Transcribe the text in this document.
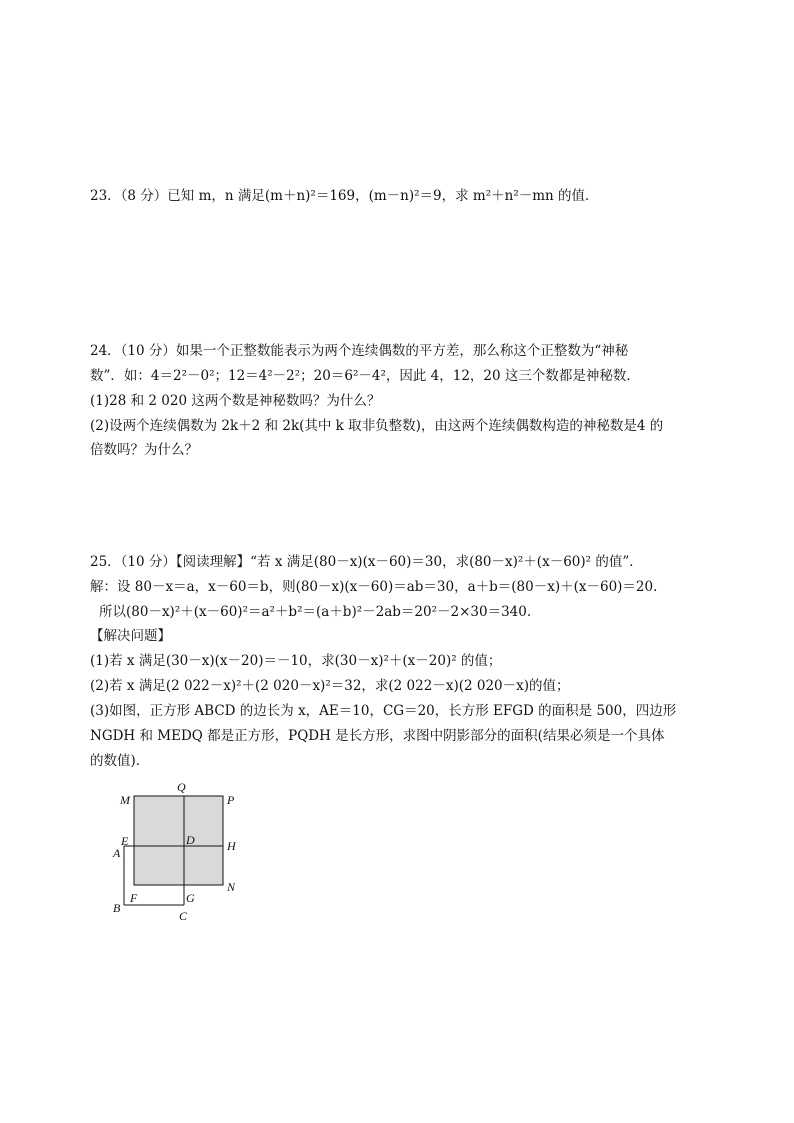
23．（8 分）已知 m，n 满足(m＋n)²＝169，(m－n)²＝9，求 m²＋n²－mn 的值．
24．（10 分）如果一个正整数能表示为两个连续偶数的平方差，那么称这个正整数为“神秘
数”．如：4＝2²－0²；12＝4²－2²；20＝6²－4²，因此 4，12，20 这三个数都是神秘数．
(1)28 和 2 020 这两个数是神秘数吗？为什么？
(2)设两个连续偶数为 2k＋2 和 2k(其中 k 取非负整数)，由这两个连续偶数构造的神秘数是4 的
倍数吗？为什么？
25．（10 分）【阅读理解】“若 x 满足(80－x)(x－60)＝30，求(80－x)²＋(x－60)² 的值”．
解：设 80－x＝a，x－60＝b，则(80－x)(x－60)＝ab＝30，a＋b＝(80－x)＋(x－60)＝20.
所以(80－x)²＋(x－60)²＝a²＋b²＝(a＋b)²－2ab＝20²－2×30＝340.
【解决问题】
(1)若 x 满足(30－x)(x－20)＝－10，求(30－x)²＋(x－20)² 的值；
(2)若 x 满足(2 022－x)²＋(2 020－x)²＝32，求(2 022－x)(2 020－x)的值；
(3)如图，正方形 ABCD 的边长为 x，AE＝10，CG＝20，长方形 EFGD 的面积是 500，四边形
NGDH 和 MEDQ 都是正方形，PQDH 是长方形，求图中阴影部分的面积(结果必须是一个具体
的数值)．
M
Q
P
E	D
A	H
N
F	G
B
C
